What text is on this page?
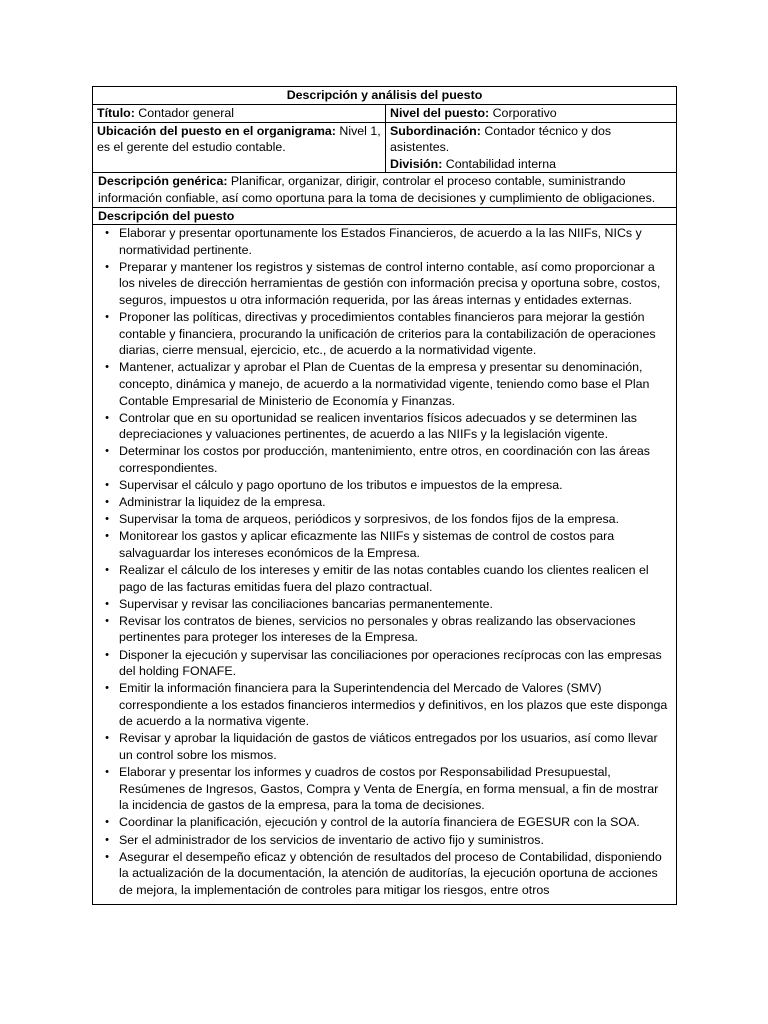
Descripción y análisis del puesto
Título: Contador general	Nivel del puesto: Corporativo
Ubicación del puesto en el organigrama: Nivel 1, es el gerente del estudio contable.
Subordinación: Contador técnico y dos asistentes.
División: Contabilidad interna
Descripción genérica: Planificar, organizar, dirigir, controlar el proceso contable, suministrando información confiable, así como oportuna para la toma de decisiones y cumplimiento de obligaciones.
Descripción del puesto
• Elaborar y presentar oportunamente los Estados Financieros, de acuerdo a la las NIIFs, NICs y normatividad pertinente.
• Preparar y mantener los registros y sistemas de control interno contable, así como proporcionar a los niveles de dirección herramientas de gestión con información precisa y oportuna sobre, costos, seguros, impuestos u otra información requerida, por las áreas internas y entidades externas.
• Proponer las políticas, directivas y procedimientos contables financieros para mejorar la gestión contable y financiera, procurando la unificación de criterios para la contabilización de operaciones diarias, cierre mensual, ejercicio, etc., de acuerdo a la normatividad vigente.
• Mantener, actualizar y aprobar el Plan de Cuentas de la empresa y presentar su denominación, concepto, dinámica y manejo, de acuerdo a la normatividad vigente, teniendo como base el Plan Contable Empresarial de Ministerio de Economía y Finanzas.
• Controlar que en su oportunidad se realicen inventarios físicos adecuados y se determinen las depreciaciones y valuaciones pertinentes, de acuerdo a las NIIFs y la legislación vigente.
• Determinar los costos por producción, mantenimiento, entre otros, en coordinación con las áreas correspondientes.
• Supervisar el cálculo y pago oportuno de los tributos e impuestos de la empresa.
• Administrar la liquidez de la empresa.
• Supervisar la toma de arqueos, periódicos y sorpresivos, de los fondos fijos de la empresa.
• Monitorear los gastos y aplicar eficazmente las NIIFs y sistemas de control de costos para salvaguardar los intereses económicos de la Empresa.
• Realizar el cálculo de los intereses y emitir de las notas contables cuando los clientes realicen el pago de las facturas emitidas fuera del plazo contractual.
• Supervisar y revisar las conciliaciones bancarias permanentemente.
• Revisar los contratos de bienes, servicios no personales y obras realizando las observaciones pertinentes para proteger los intereses de la Empresa.
• Disponer la ejecución y supervisar las conciliaciones por operaciones recíprocas con las empresas del holding FONAFE.
• Emitir la información financiera para la Superintendencia del Mercado de Valores (SMV) correspondiente a los estados financieros intermedios y definitivos, en los plazos que este disponga de acuerdo a la normativa vigente.
• Revisar y aprobar la liquidación de gastos de viáticos entregados por los usuarios, así como llevar un control sobre los mismos.
• Elaborar y presentar los informes y cuadros de costos por Responsabilidad Presupuestal, Resúmenes de Ingresos, Gastos, Compra y Venta de Energía, en forma mensual, a fin de mostrar la incidencia de gastos de la empresa, para la toma de decisiones.
• Coordinar la planificación, ejecución y control de la autoría financiera de EGESUR con la SOA.
• Ser el administrador de los servicios de inventario de activo fijo y suministros.
• Asegurar el desempeño eficaz y obtención de resultados del proceso de Contabilidad, disponiendo la actualización de la documentación, la atención de auditorías, la ejecución oportuna de acciones de mejora, la implementación de controles para mitigar los riesgos, entre otros
